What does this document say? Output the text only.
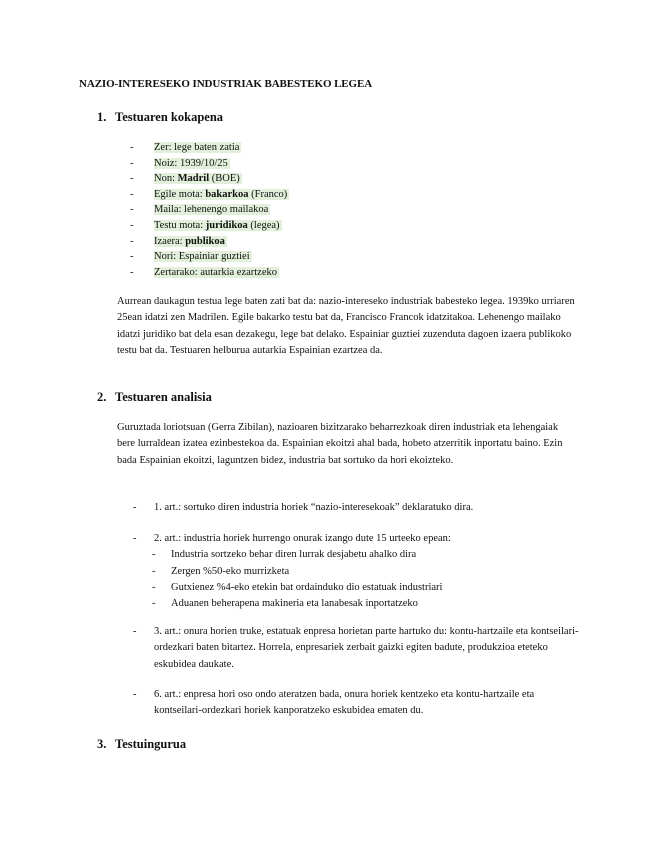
NAZIO-INTERESEKO INDUSTRIAK BABESTEKO LEGEA
1. Testuaren kokapena
- Zer: lege baten zatia
- Noiz: 1939/10/25
- Non: Madril (BOE)
- Egile mota: bakarkoa (Franco)
- Maila: lehenengo mailakoa
- Testu mota: juridikoa (legea)
- Izaera: publikoa
- Nori: Espainiar guztiei
- Zertarako: autarkia ezartzeko

Aurrean daukagun testua lege baten zati bat da: nazio-intereseko industriak babesteko legea. 1939ko urriaren 25ean idatzi zen Madrilen. Egile bakarko testu bat da, Francisco Francok idatzitakoa. Lehenengo mailako idatzi juridiko bat dela esan dezakegu, lege bat delako. Espainiar guztiei zuzenduta dagoen izaera publikoko testu bat da. Testuaren helburua autarkia Espainian ezartzea da.

2. Testuaren analisia

Guruztada loriotsuan (Gerra Zibilan), nazioaren bizitzarako beharrezkoak diren industriak eta lehengaiak bere lurraldean izatea ezinbestekoa da. Espainian ekoitzi ahal bada, hobeto atzerritik inportatu baino. Ezin bada Espainian ekoitzi, laguntzen bidez, industria bat sortuko da hori ekoizteko.

- 1. art.: sortuko diren industria horiek “nazio-interesekoak” deklaratuko dira.
- 2. art.: industria horiek hurrengo onurak izango dute 15 urteeko epean:
- Industria sortzeko behar diren lurrak desjabetu ahalko dira
- Zergen %50-eko murrizketa
- Gutxienez %4-eko etekin bat ordainduko dio estatuak industriari
- Aduanen beherapena makineria eta lanabesak inportatzeko
- 3. art.: onura horien truke, estatuak enpresa horietan parte hartuko du: kontu-hartzaile eta kontseilari-ordezkari baten bitartez. Horrela, enpresariek zerbait gaizki egiten badute, produkzioa eteteko eskubidea daukate.
- 6. art.: enpresa hori oso ondo ateratzen bada, onura horiek kentzeko eta kontu-hartzaile eta kontseilari-ordezkari horiek kanporatzeko eskubidea ematen du.
3. Testuingurua
